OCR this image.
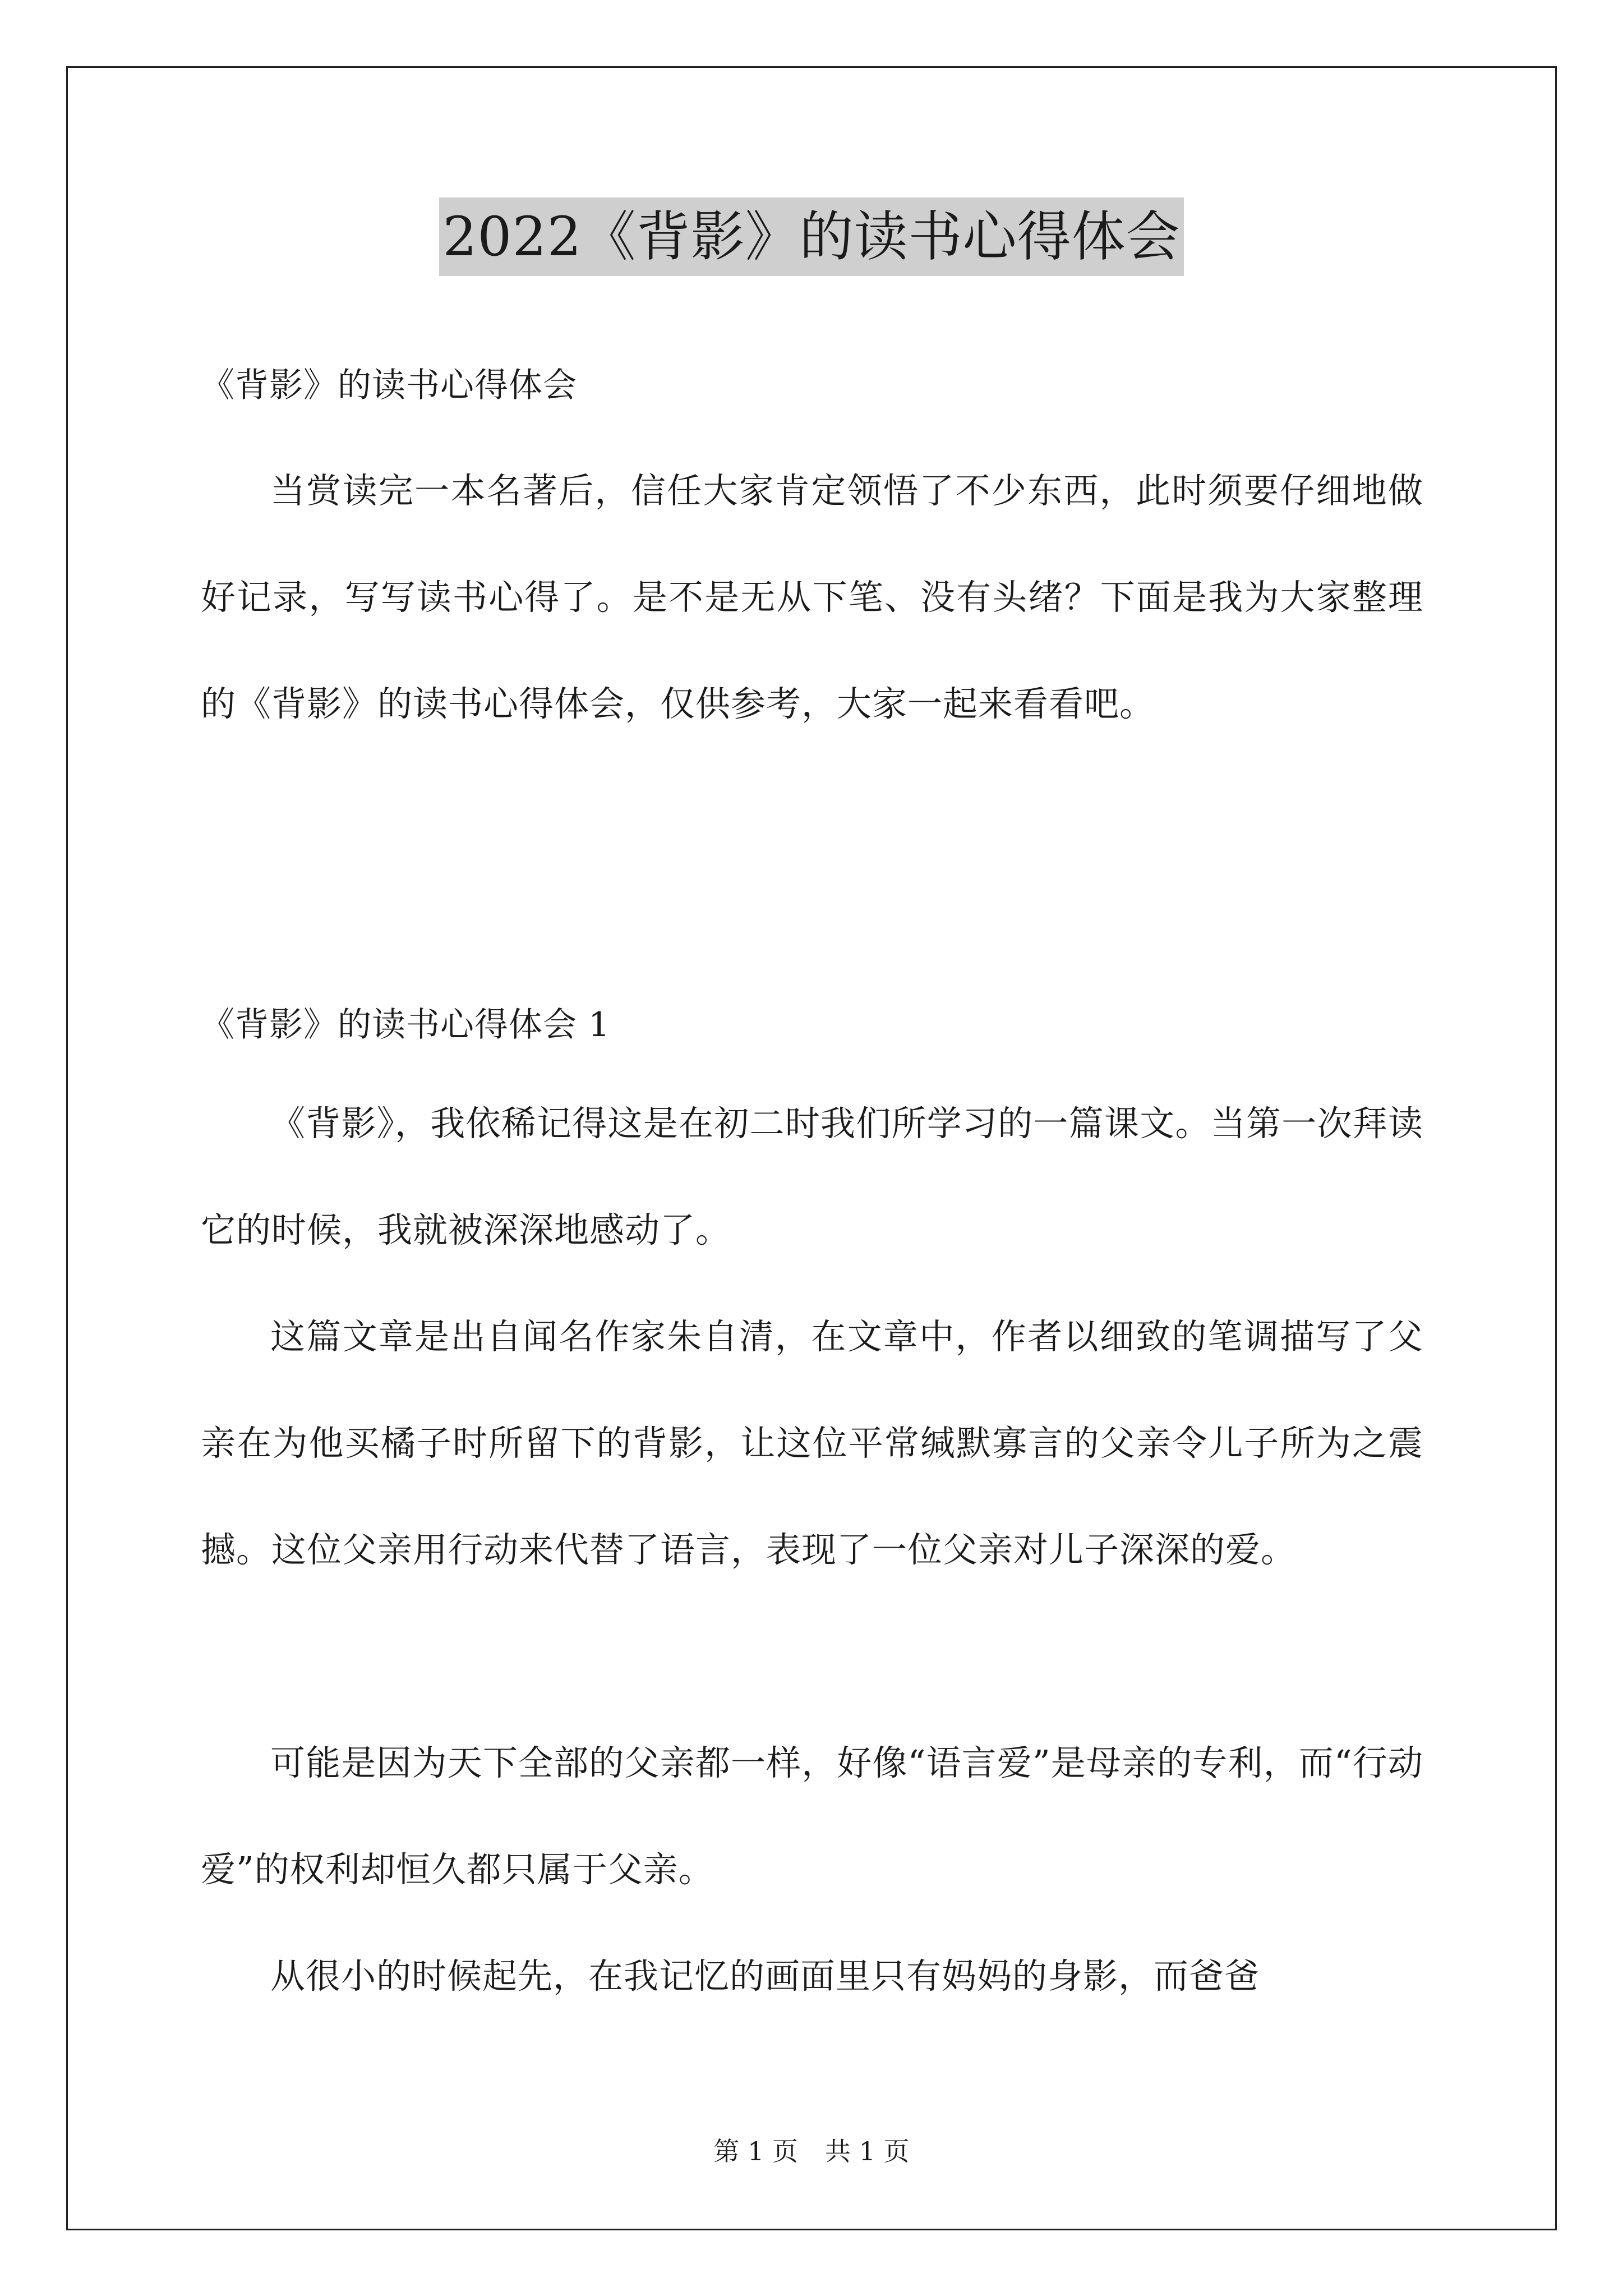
2022《背影》的读书心得体会

《背影》的读书心得体会

当赏读完一本名著后，信任大家肯定领悟了不少东西，此时须要仔细地做好记录，写写读书心得了。是不是无从下笔、没有头绪？下面是我为大家整理的《背影》的读书心得体会，仅供参考，大家一起来看看吧。

《背影》的读书心得体会 1

《背影》，我依稀记得这是在初二时我们所学习的一篇课文。当第一次拜读它的时候，我就被深深地感动了。

这篇文章是出自闻名作家朱自清，在文章中，作者以细致的笔调描写了父亲在为他买橘子时所留下的背影，让这位平常缄默寡言的父亲令儿子所为之震撼。这位父亲用行动来代替了语言，表现了一位父亲对儿子深深的爱。

可能是因为天下全部的父亲都一样，好像“语言爱”是母亲的专利，而“行动爱”的权利却恒久都只属于父亲。

从很小的时候起先，在我记忆的画面里只有妈妈的身影，而爸爸

第 1 页 共 1 页
